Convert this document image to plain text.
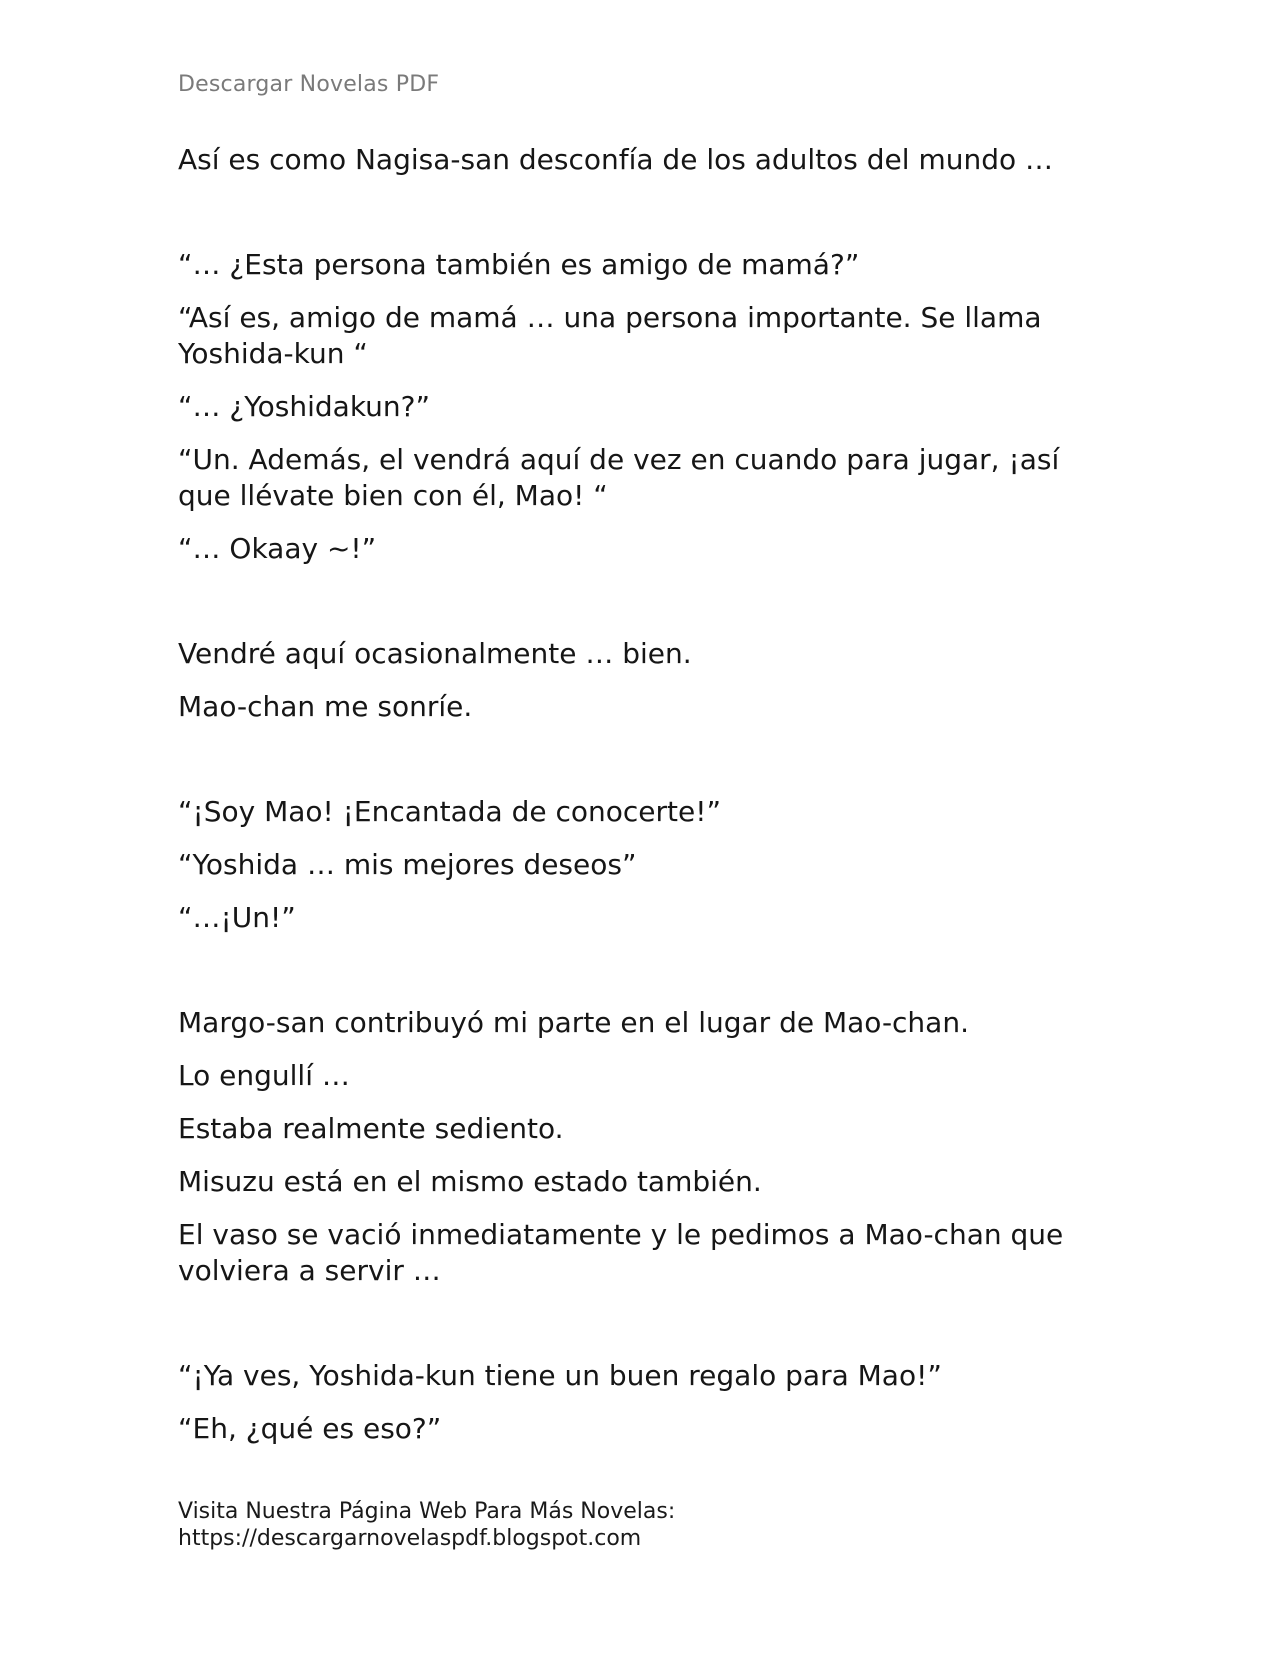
Descargar Novelas PDF

Así es como Nagisa-san desconfía de los adultos del mundo …

“… ¿Esta persona también es amigo de mamá?”

“Así es, amigo de mamá … una persona importante. Se llama Yoshida-kun “

“… ¿Yoshidakun?”

“Un. Además, el vendrá aquí de vez en cuando para jugar, ¡así que llévate bien con él, Mao! “

“… Okaay ~!”

Vendré aquí ocasionalmente … bien.

Mao-chan me sonríe.

“¡Soy Mao! ¡Encantada de conocerte!”

“Yoshida … mis mejores deseos”

“…¡Un!”

Margo-san contribuyó mi parte en el lugar de Mao-chan.

Lo engullí …

Estaba realmente sediento.

Misuzu está en el mismo estado también.

El vaso se vació inmediatamente y le pedimos a Mao-chan que volviera a servir …

“¡Ya ves, Yoshida-kun tiene un buen regalo para Mao!”

“Eh, ¿qué es eso?”

Visita Nuestra Página Web Para Más Novelas:
https://descargarnovelaspdf.blogspot.com
